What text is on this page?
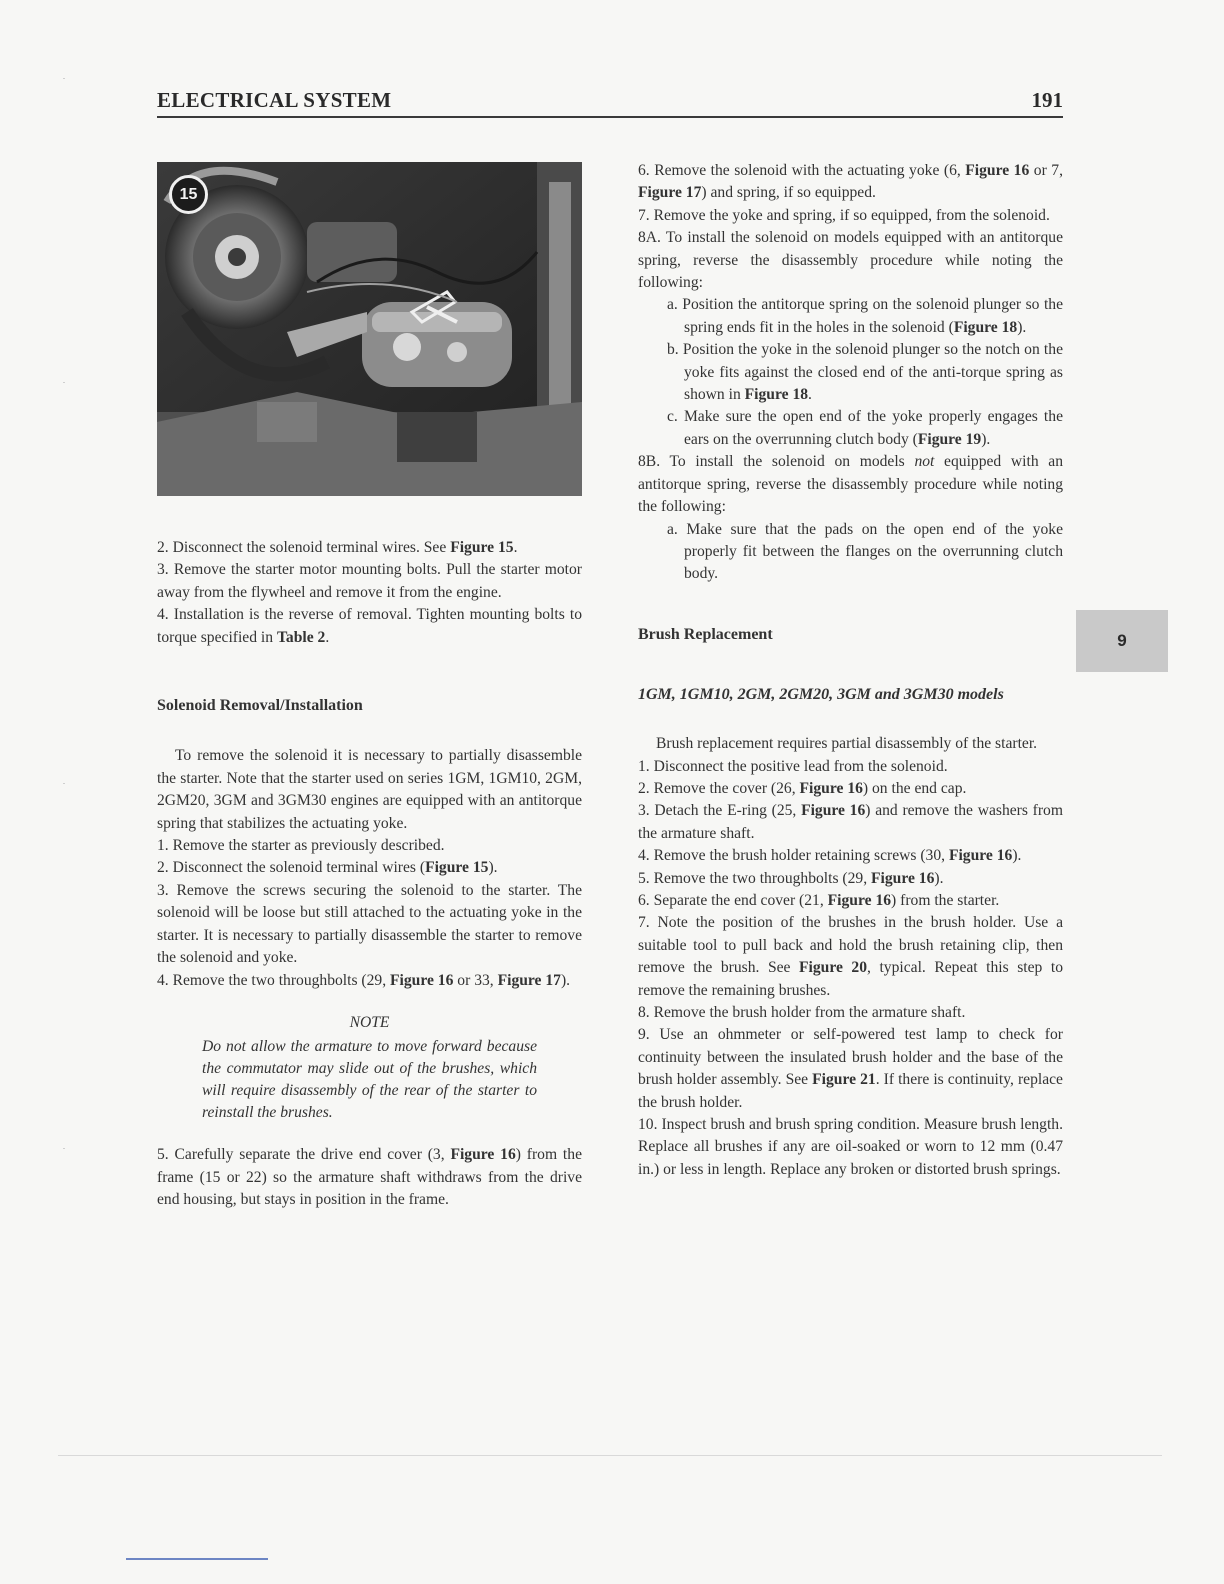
ELECTRICAL SYSTEM	191
15

2. Disconnect the solenoid terminal wires. See Figure 15.

3. Remove the starter motor mounting bolts. Pull the starter motor away from the flywheel and remove it from the engine.

4. Installation is the reverse of removal. Tighten mounting bolts to torque specified in Table 2.

Solenoid Removal/Installation

To remove the solenoid it is necessary to partially disassemble the starter. Note that the starter used on series 1GM, 1GM10, 2GM, 2GM20, 3GM and 3GM30 engines are equipped with an antitorque spring that stabilizes the actuating yoke.

1. Remove the starter as previously described.

2. Disconnect the solenoid terminal wires (Figure 15).

3. Remove the screws securing the solenoid to the starter. The solenoid will be loose but still attached to the actuating yoke in the starter. It is necessary to partially disassemble the starter to remove the solenoid and yoke.

4. Remove the two throughbolts (29, Figure 16 or 33, Figure 17).

NOTE

Do not allow the armature to move forward because the commutator may slide out of the brushes, which will require disassembly of the rear of the starter to reinstall the brushes.

5. Carefully separate the drive end cover (3, Figure 16) from the frame (15 or 22) so the armature shaft withdraws from the drive end housing, but stays in position in the frame.

6. Remove the solenoid with the actuating yoke (6, Figure 16 or 7, Figure 17) and spring, if so equipped.

7. Remove the yoke and spring, if so equipped, from the solenoid.

8A. To install the solenoid on models equipped with an antitorque spring, reverse the disassembly procedure while noting the following:

a. Position the antitorque spring on the solenoid plunger so the spring ends fit in the holes in the solenoid (Figure 18).

b. Position the yoke in the solenoid plunger so the notch on the yoke fits against the closed end of the anti-torque spring as shown in Figure 18.

c. Make sure the open end of the yoke properly engages the ears on the overrunning clutch body (Figure 19).

8B. To install the solenoid on models not equipped with an antitorque spring, reverse the disassembly procedure while noting the following:

a. Make sure that the pads on the open end of the yoke properly fit between the flanges on the overrunning clutch body.

Brush Replacement

1GM, 1GM10, 2GM, 2GM20, 3GM and 3GM30 models

Brush replacement requires partial disassembly of the starter.

1. Disconnect the positive lead from the solenoid.

2. Remove the cover (26, Figure 16) on the end cap.

3. Detach the E-ring (25, Figure 16) and remove the washers from the armature shaft.

4. Remove the brush holder retaining screws (30, Figure 16).

5. Remove the two throughbolts (29, Figure 16).

6. Separate the end cover (21, Figure 16) from the starter.

7. Note the position of the brushes in the brush holder. Use a suitable tool to pull back and hold the brush retaining clip, then remove the brush. See Figure 20, typical. Repeat this step to remove the remaining brushes.

8. Remove the brush holder from the armature shaft.

9. Use an ohmmeter or self-powered test lamp to check for continuity between the insulated brush holder and the base of the brush holder assembly. See Figure 21. If there is continuity, replace the brush holder.

10. Inspect brush and brush spring condition. Measure brush length. Replace all brushes if any are oil-soaked or worn to 12 mm (0.47 in.) or less in length. Replace any broken or distorted brush springs.

9
